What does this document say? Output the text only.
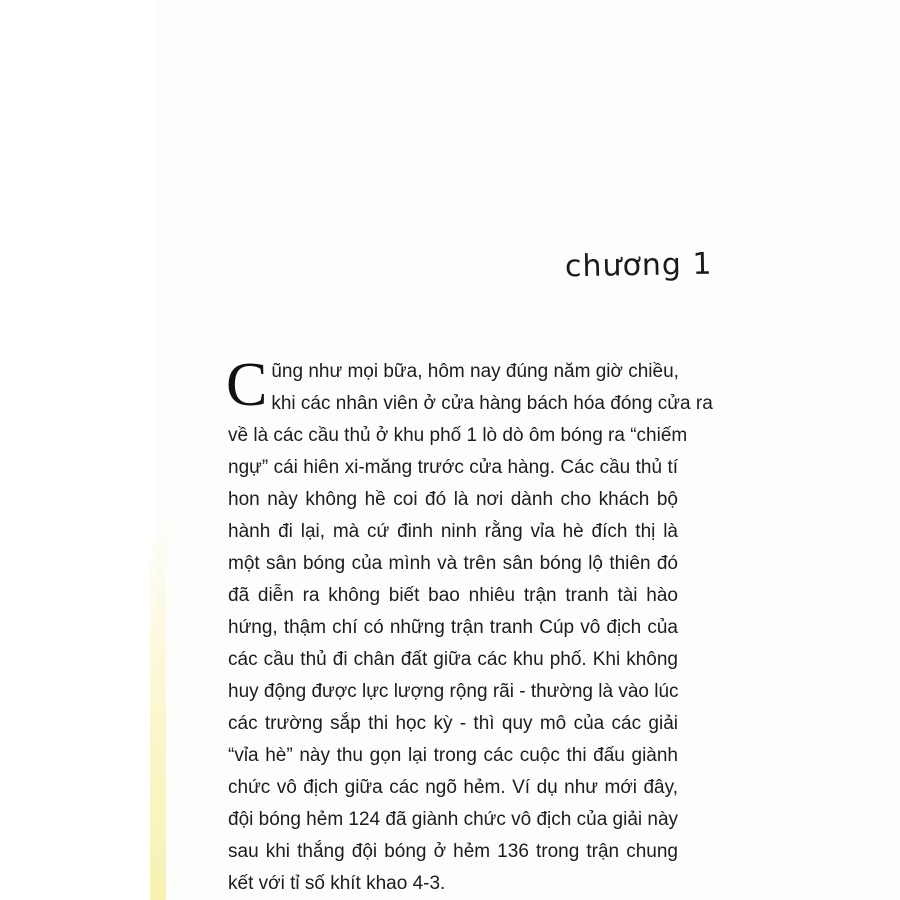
chương 1
C ũng như mọi bữa, hôm nay đúng năm giờ chiều,
khi các nhân viên ở cửa hàng bách hóa đóng cửa ra
về là các cầu thủ ở khu phố 1 lò dò ôm bóng ra “chiếm
ngự” cái hiên xi-măng trước cửa hàng. Các cầu thủ tí
hon này không hề coi đó là nơi dành cho khách bộ
hành đi lại, mà cứ đinh ninh rằng vỉa hè đích thị là
một sân bóng của mình và trên sân bóng lộ thiên đó
đã diễn ra không biết bao nhiêu trận tranh tài hào
hứng, thậm chí có những trận tranh Cúp vô địch của
các cầu thủ đi chân đất giữa các khu phố. Khi không
huy động được lực lượng rộng rãi - thường là vào lúc
các trường sắp thi học kỳ - thì quy mô của các giải
“vỉa hè” này thu gọn lại trong các cuộc thi đấu giành
chức vô địch giữa các ngõ hẻm. Ví dụ như mới đây,
đội bóng hẻm 124 đã giành chức vô địch của giải này
sau khi thắng đội bóng ở hẻm 136 trong trận chung
kết với tỉ số khít khao 4-3.
